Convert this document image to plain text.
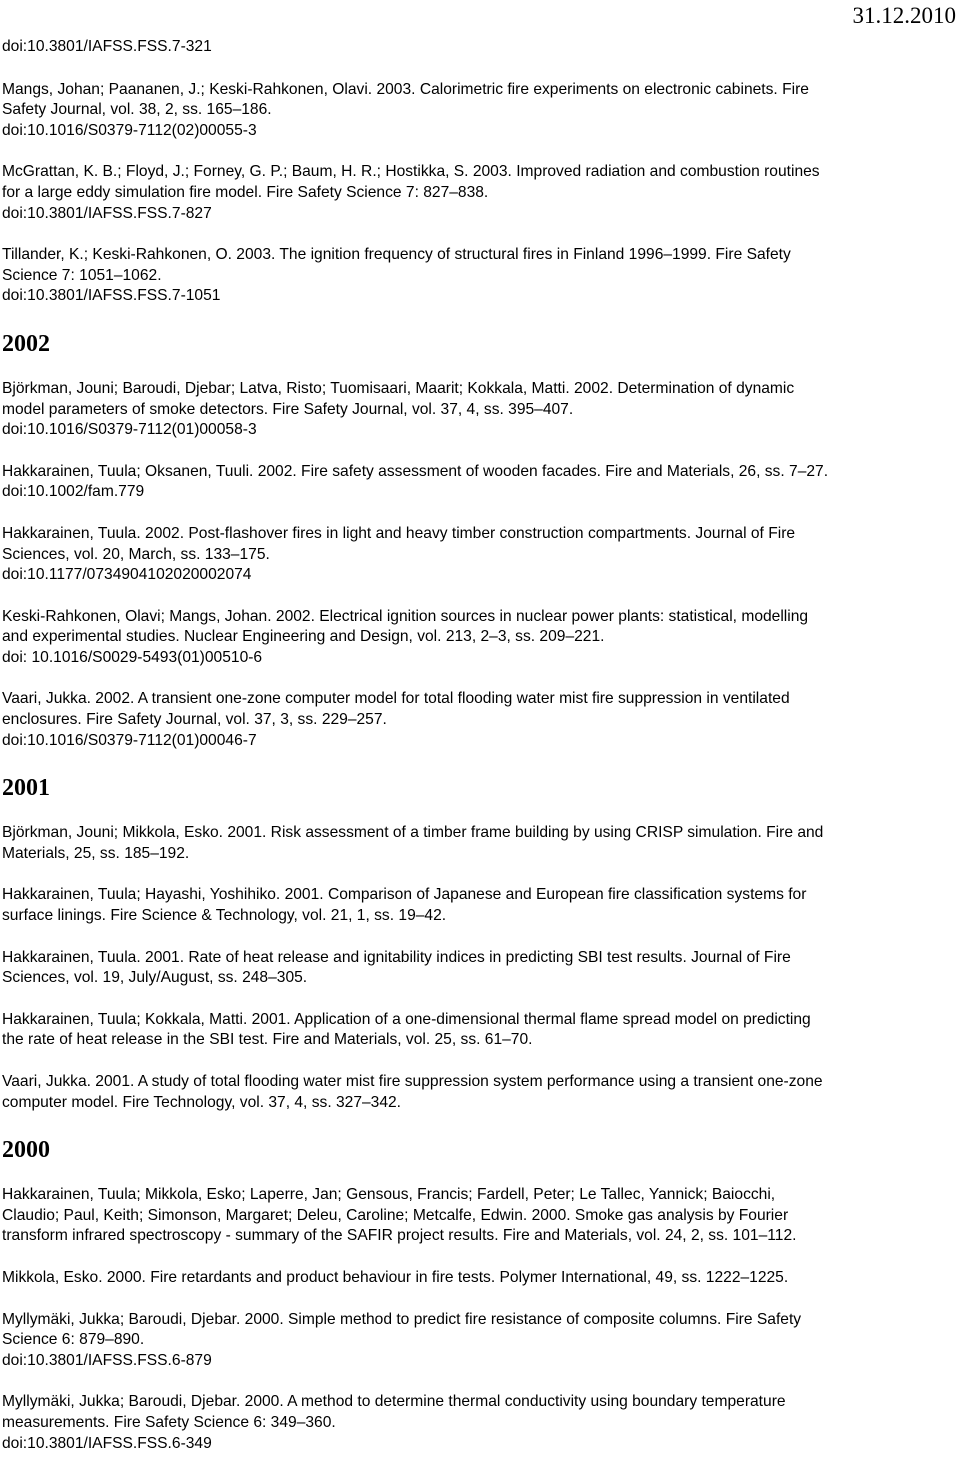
31.12.2010
doi:10.3801/IAFSS.FSS.7-321
Mangs, Johan; Paananen, J.; Keski-Rahkonen, Olavi. 2003. Calorimetric fire experiments on electronic cabinets. Fire
Safety Journal, vol. 38, 2, ss. 165–186.
doi:10.1016/S0379-7112(02)00055-3
McGrattan, K. B.; Floyd, J.; Forney, G. P.; Baum, H. R.; Hostikka, S. 2003. Improved radiation and combustion routines
for a large eddy simulation fire model. Fire Safety Science 7: 827–838.
doi:10.3801/IAFSS.FSS.7-827
Tillander, K.; Keski-Rahkonen, O. 2003. The ignition frequency of structural fires in Finland 1996–1999. Fire Safety
Science 7: 1051–1062.
doi:10.3801/IAFSS.FSS.7-1051
2002
Björkman, Jouni; Baroudi, Djebar; Latva, Risto; Tuomisaari, Maarit; Kokkala, Matti. 2002. Determination of dynamic
model parameters of smoke detectors. Fire Safety Journal, vol. 37, 4, ss. 395–407.
doi:10.1016/S0379-7112(01)00058-3
Hakkarainen, Tuula; Oksanen, Tuuli. 2002. Fire safety assessment of wooden facades. Fire and Materials, 26, ss. 7–27.
doi:10.1002/fam.779
Hakkarainen, Tuula. 2002. Post-flashover fires in light and heavy timber construction compartments. Journal of Fire
Sciences, vol. 20, March, ss. 133–175.
doi:10.1177/0734904102020002074
Keski-Rahkonen, Olavi; Mangs, Johan. 2002. Electrical ignition sources in nuclear power plants: statistical, modelling
and experimental studies. Nuclear Engineering and Design, vol. 213, 2–3, ss. 209–221.
doi: 10.1016/S0029-5493(01)00510-6
Vaari, Jukka. 2002. A transient one-zone computer model for total flooding water mist fire suppression in ventilated
enclosures. Fire Safety Journal, vol. 37, 3, ss. 229–257.
doi:10.1016/S0379-7112(01)00046-7
2001
Björkman, Jouni; Mikkola, Esko. 2001. Risk assessment of a timber frame building by using CRISP simulation. Fire and
Materials, 25, ss. 185–192.
Hakkarainen, Tuula; Hayashi, Yoshihiko. 2001. Comparison of Japanese and European fire classification systems for
surface linings. Fire Science & Technology, vol. 21, 1, ss. 19–42.
Hakkarainen, Tuula. 2001. Rate of heat release and ignitability indices in predicting SBI test results. Journal of Fire
Sciences, vol. 19, July/August, ss. 248–305.
Hakkarainen, Tuula; Kokkala, Matti. 2001. Application of a one-dimensional thermal flame spread model on predicting
the rate of heat release in the SBI test. Fire and Materials, vol. 25, ss. 61–70.
Vaari, Jukka. 2001. A study of total flooding water mist fire suppression system performance using a transient one-zone
computer model. Fire Technology, vol. 37, 4, ss. 327–342.
2000
Hakkarainen, Tuula; Mikkola, Esko; Laperre, Jan; Gensous, Francis; Fardell, Peter; Le Tallec, Yannick; Baiocchi,
Claudio; Paul, Keith; Simonson, Margaret; Deleu, Caroline; Metcalfe, Edwin. 2000. Smoke gas analysis by Fourier
transform infrared spectroscopy - summary of the SAFIR project results. Fire and Materials, vol. 24, 2, ss. 101–112.
Mikkola, Esko. 2000. Fire retardants and product behaviour in fire tests. Polymer International, 49, ss. 1222–1225.
Myllymäki, Jukka; Baroudi, Djebar. 2000. Simple method to predict fire resistance of composite columns. Fire Safety
Science 6: 879–890.
doi:10.3801/IAFSS.FSS.6-879
Myllymäki, Jukka; Baroudi, Djebar. 2000. A method to determine thermal conductivity using boundary temperature
measurements. Fire Safety Science 6: 349–360.
doi:10.3801/IAFSS.FSS.6-349
